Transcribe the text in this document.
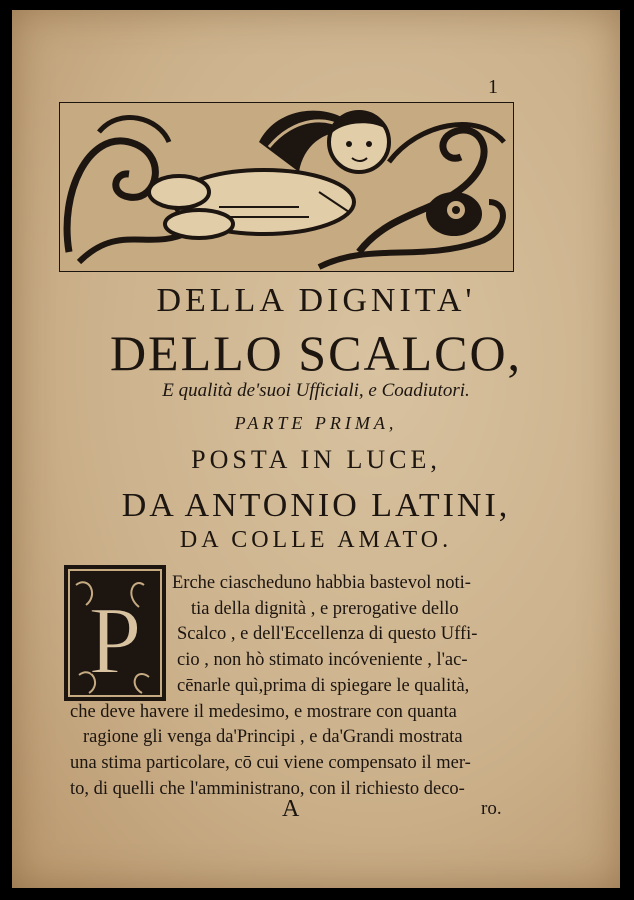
1
DELLA DIGNITA'
DELLO SCALCO,
E qualità de'suoi Ufficiali, e Coadiutori.
PARTE PRIMA,
POSTA IN LUCE,
DA ANTONIO LATINI,
DA COLLE AMATO.
P
Erche ciascheduno habbia bastevol noti-
tia della dignità , e prerogative dello
Scalco , e dell'Eccellenza di questo Uffi-
cio , non hò stimato incóveniente , l'ac-
cēnarle quì,prima di spiegare le qualità,
che deve havere il medesimo, e mostrare con quanta
ragione gli venga da'Principi , e da'Grandi mostrata
una stima particolare, cō cui viene compensato il mer-
to, di quelli che l'amministrano, con il richiesto deco-
A	ro.
